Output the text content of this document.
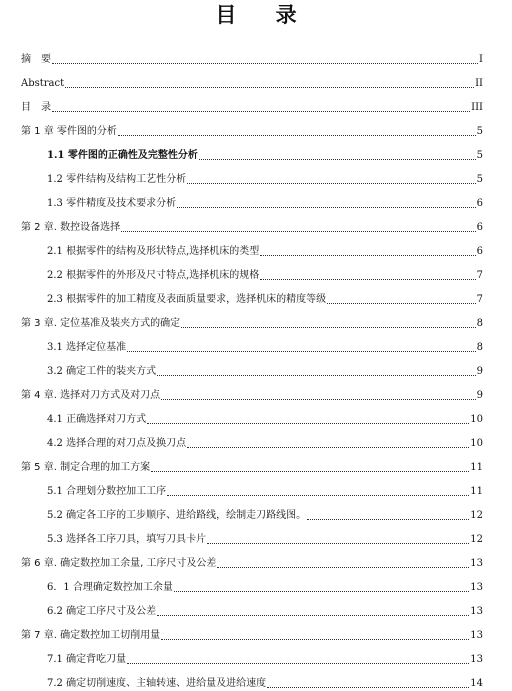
目 录
摘　要	I
Abstract	II
目　录	III
第 1 章 零件图的分析	5
1.1 零件图的正确性及完整性分析	5
1.2 零件结构及结构工艺性分析	5
1.3 零件精度及技术要求分析	6
第 2 章. 数控设备选择	6
2.1 根据零件的结构及形状特点,选择机床的类型	6
2.2 根据零件的外形及尺寸特点,选择机床的规格	7
2.3 根据零件的加工精度及表面质量要求，选择机床的精度等级	7
第 3 章. 定位基准及装夹方式的确定	8
3.1 选择定位基准	8
3.2 确定工件的装夹方式	9
第 4 章. 选择对刀方式及对刀点	9
4.1 正确选择对刀方式	10
4.2 选择合理的对刀点及换刀点	10
第 5 章. 制定合理的加工方案	11
5.1 合理划分数控加工工序	11
5.2 确定各工序的工步顺序、进给路线，绘制走刀路线图。	12
5.3 选择各工序刀具，填写刀具卡片	12
第 6 章. 确定数控加工余量, 工序尺寸及公差	13
6．1 合理确定数控加工余量	13
6.2 确定工序尺寸及公差	13
第 7 章. 确定数控加工切削用量	13
7.1 确定背吃刀量	13
7.2 确定切削速度、主轴转速、进给量及进给速度	14
